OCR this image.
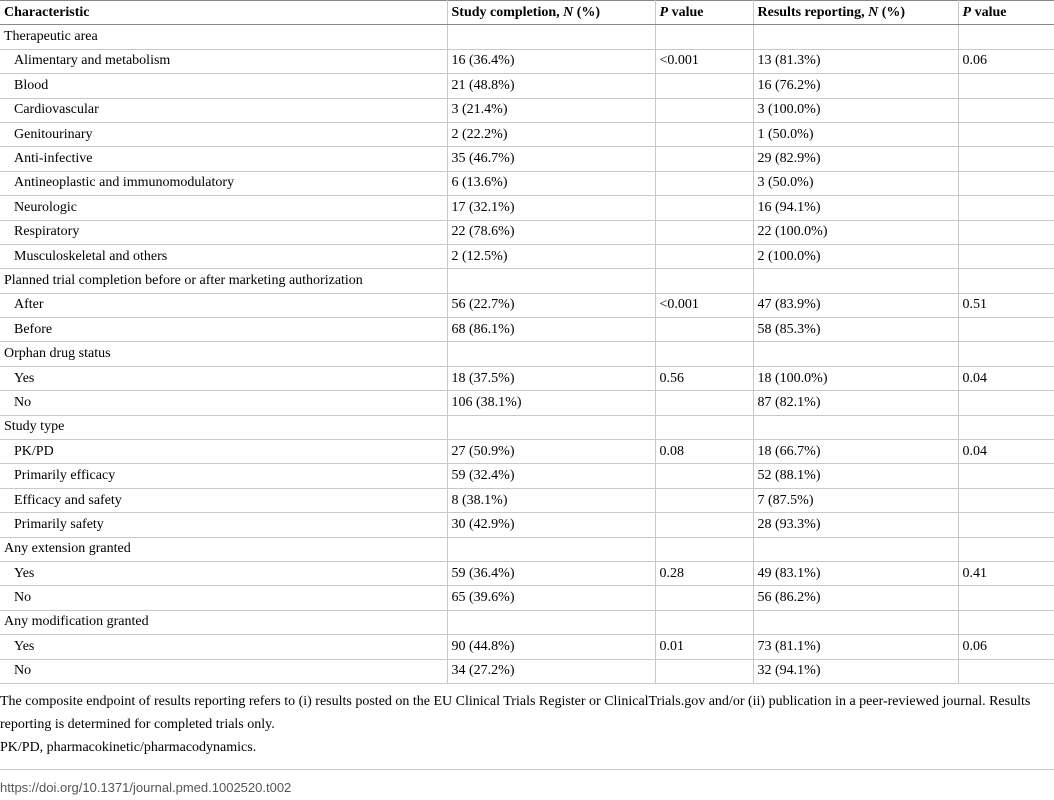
Characteristic	Study completion, N (%)	P value	Results reporting, N (%)	P value
Therapeutic area				
Alimentary and metabolism	16 (36.4%)	<0.001	13 (81.3%)	0.06
Blood	21 (48.8%)		16 (76.2%)	
Cardiovascular	3 (21.4%)		3 (100.0%)	
Genitourinary	2 (22.2%)		1 (50.0%)	
Anti-infective	35 (46.7%)		29 (82.9%)	
Antineoplastic and immunomodulatory	6 (13.6%)		3 (50.0%)	
Neurologic	17 (32.1%)		16 (94.1%)	
Respiratory	22 (78.6%)		22 (100.0%)	
Musculoskeletal and others	2 (12.5%)		2 (100.0%)	
Planned trial completion before or after marketing authorization				
After	56 (22.7%)	<0.001	47 (83.9%)	0.51
Before	68 (86.1%)		58 (85.3%)	
Orphan drug status				
Yes	18 (37.5%)	0.56	18 (100.0%)	0.04
No	106 (38.1%)		87 (82.1%)	
Study type				
PK/PD	27 (50.9%)	0.08	18 (66.7%)	0.04
Primarily efficacy	59 (32.4%)		52 (88.1%)	
Efficacy and safety	8 (38.1%)		7 (87.5%)	
Primarily safety	30 (42.9%)		28 (93.3%)	
Any extension granted				
Yes	59 (36.4%)	0.28	49 (83.1%)	0.41
No	65 (39.6%)		56 (86.2%)	
Any modification granted				
Yes	90 (44.8%)	0.01	73 (81.1%)	0.06
No	34 (27.2%)		32 (94.1%)	

The composite endpoint of results reporting refers to (i) results posted on the EU Clinical Trials Register or ClinicalTrials.gov and/or (ii) publication in a peer-reviewed journal. Results reporting is determined for completed trials only.

PK/PD, pharmacokinetic/pharmacodynamics.

https://doi.org/10.1371/journal.pmed.1002520.t002
